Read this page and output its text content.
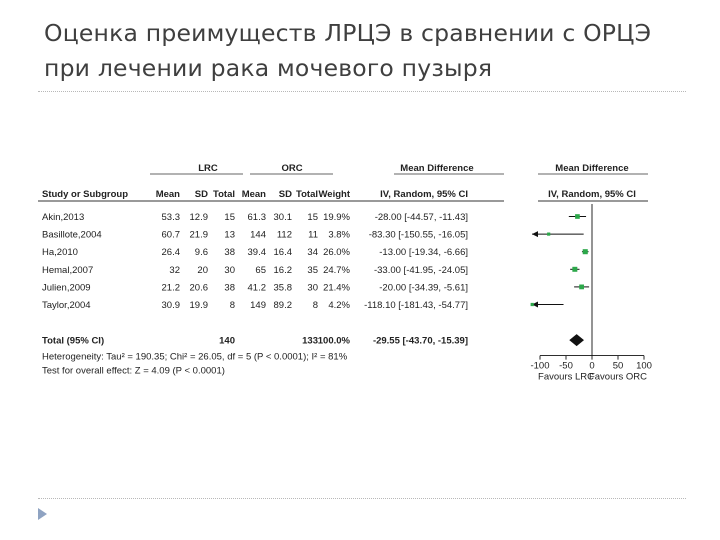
Оценка преимуществ ЛРЦЭ в сравнении с ОРЦЭ при лечении рака мочевого пузыря
LRC	ORC	Mean Difference	Mean Difference
Study or Subgroup	Mean SD Total Mean SD Total Weight	IV, Random, 95% CI	IV, Random, 95% CI
Akin,2013	53.3 12.9 15 61.3 30.1 15 19.9%	-28.00 [-44.57, -11.43]
Basillote,2004	60.7 21.9 13 144 112 11 3.8% -83.30 [-150.55, -16.05]
Ha,2010	26.4 9.6 38 39.4 16.4 34 26.0%	-13.00 [-19.34, -6.66]
Hemal,2007	32 20 30 65 16.2 35 24.7%	-33.00 [-41.95, -24.05]
Julien,2009	21.2 20.6 38 41.2 35.8 30 21.4%	-20.00 [-34.39, -5.61]
Taylor,2004	30.9 19.9 8 149 89.2 8 4.2% -118.10 [-181.43, -54.77]
Total (95% CI)	140	133 100.0% -29.55 [-43.70, -15.39]
-100 -50 0 50 100
Favours LRC
Favours ORC
Heterogeneity: Tau² = 190.35; Chi² = 26.05, df = 5 (P < 0.0001); I² = 81%
Test for overall effect: Z = 4.09 (P < 0.0001)
